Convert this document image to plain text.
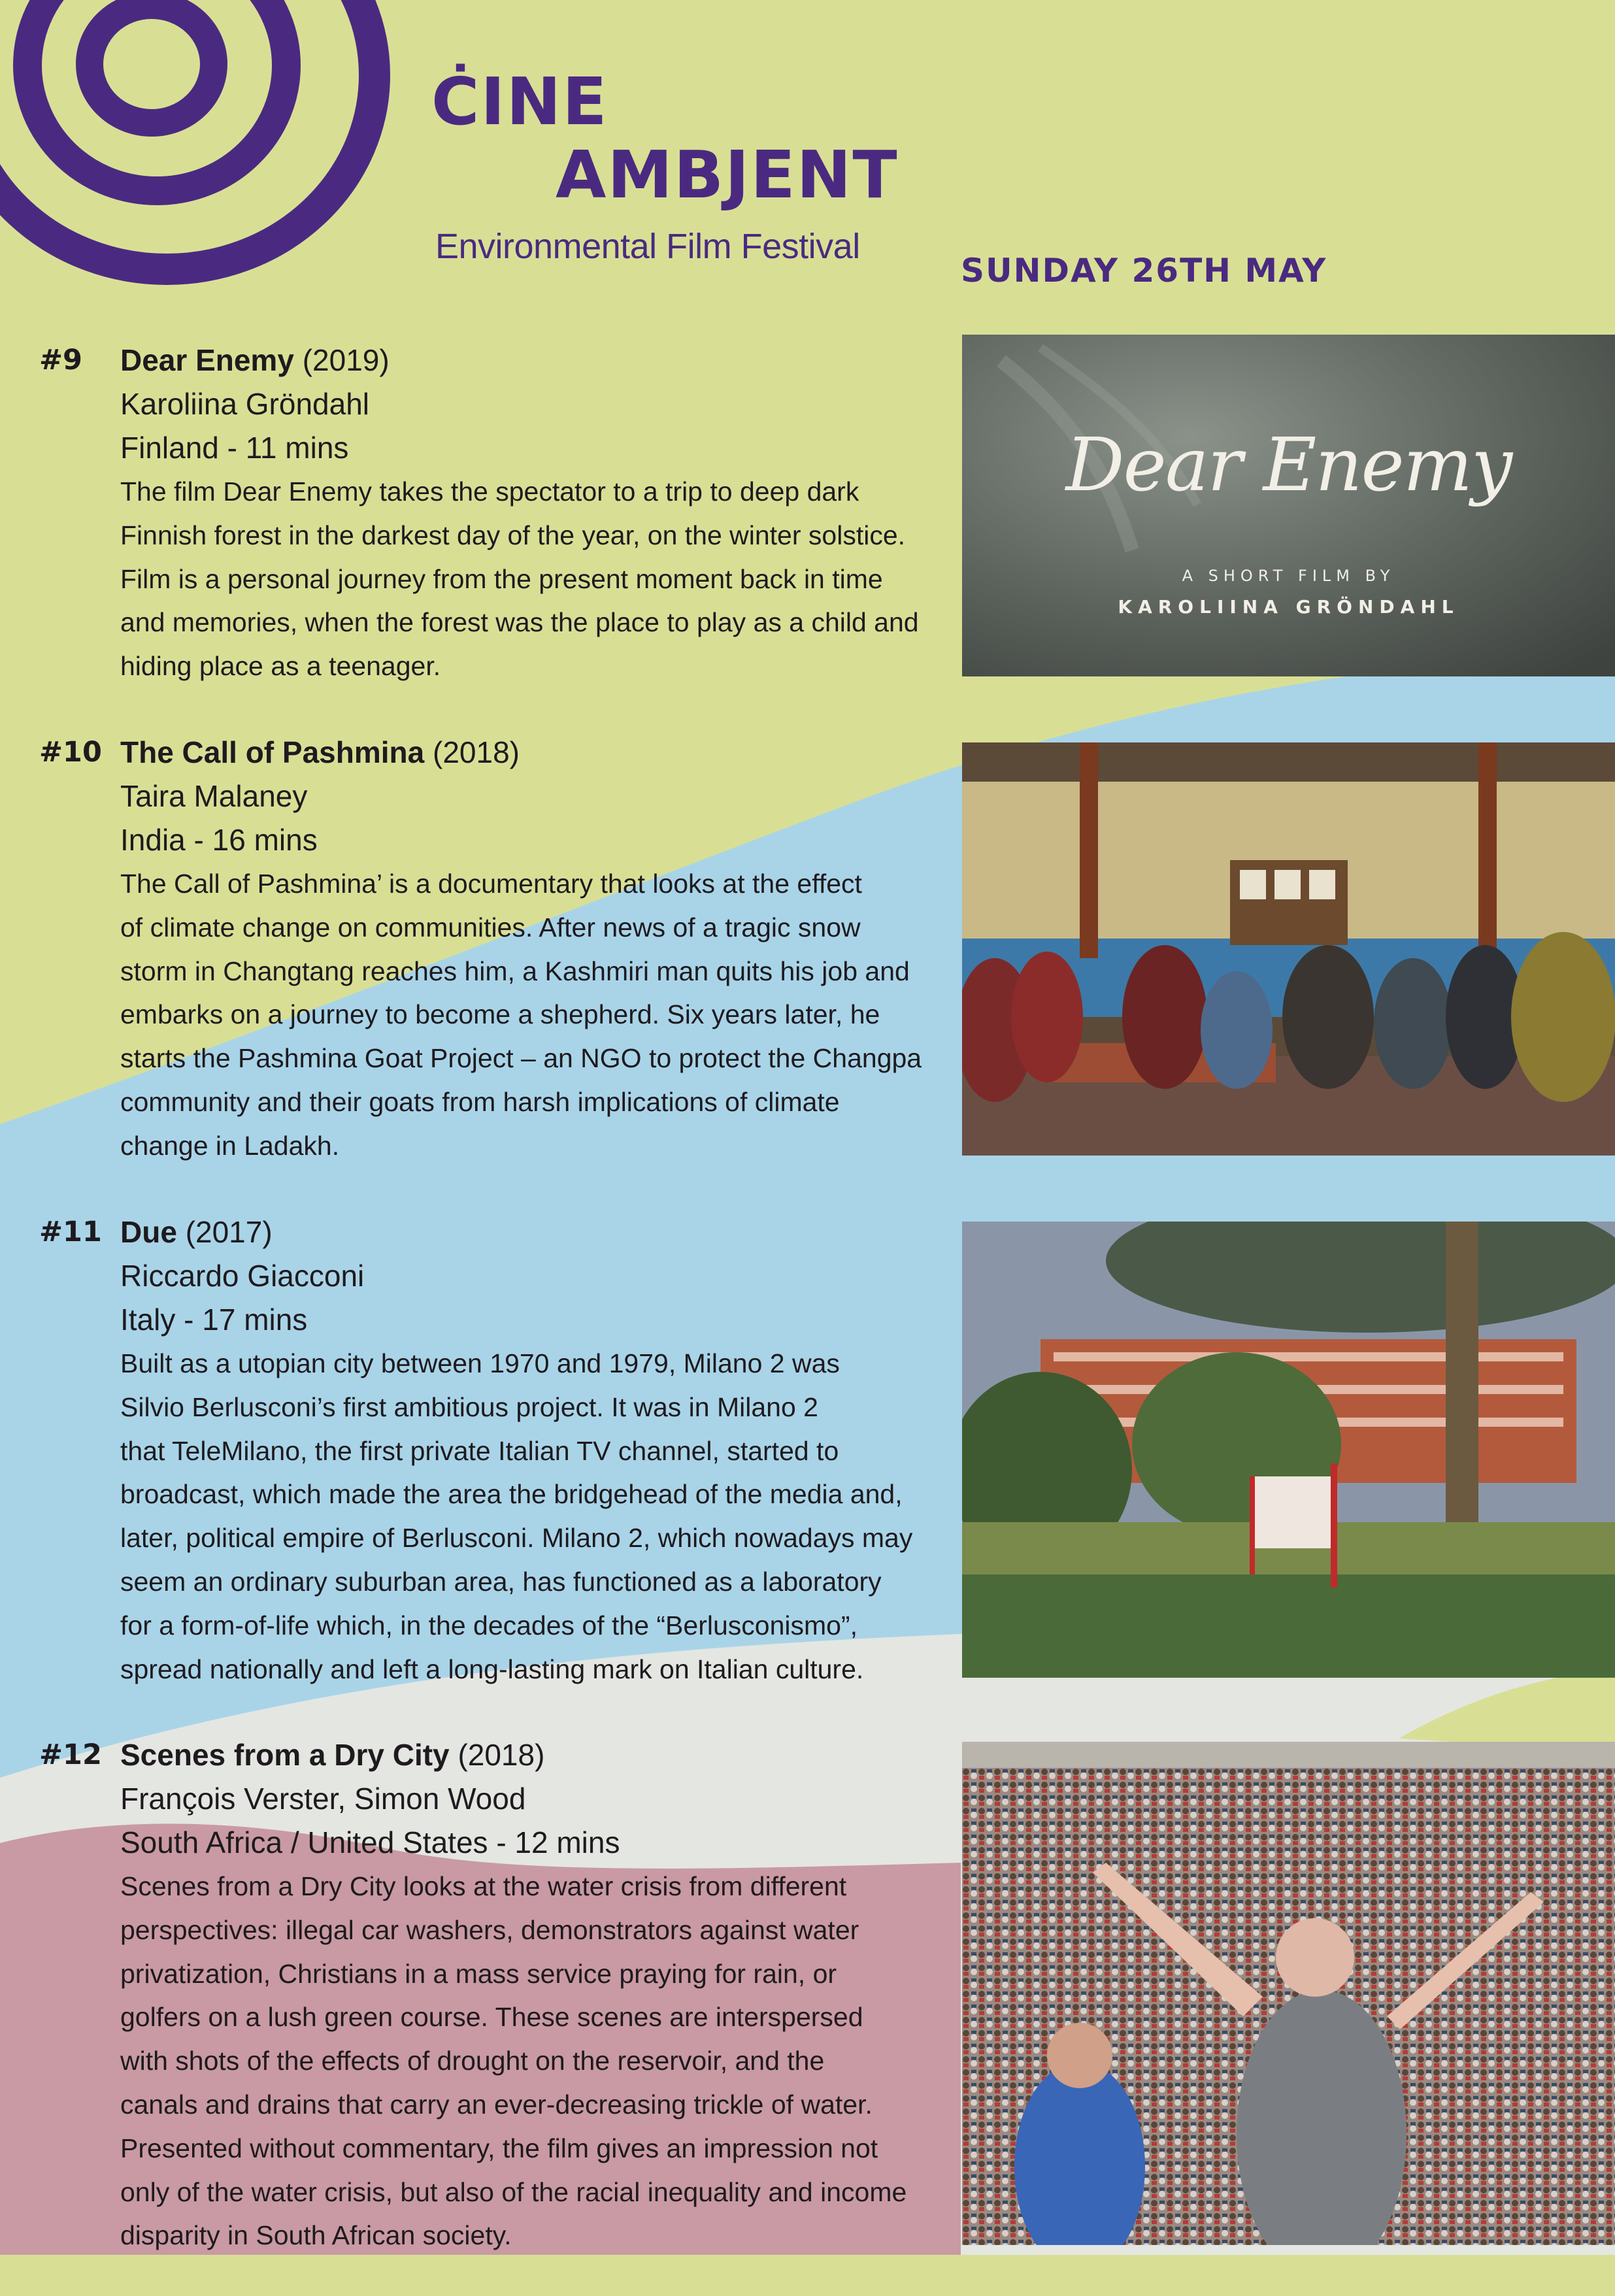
ĊINE
AMBJENT
Environmental Film Festival
SUNDAY 26TH MAY
#9 Dear Enemy (2019)
Karoliina Gröndahl
Finland - 11 mins

The film Dear Enemy takes the spectator to a trip to deep dark
Finnish forest in the darkest day of the year, on the winter solstice.
Film is a personal journey from the present moment back in time
and memories, when the forest was the place to play as a child and
hiding place as a teenager.

#10 The Call of Pashmina (2018)
Taira Malaney
India - 16 mins

The Call of Pashmina’ is a documentary that looks at the effect
of climate change on communities. After news of a tragic snow
storm in Changtang reaches him, a Kashmiri man quits his job and
embarks on a journey to become a shepherd. Six years later, he
starts the Pashmina Goat Project – an NGO to protect the Changpa
community and their goats from harsh implications of climate
change in Ladakh.

#11 Due (2017)
Riccardo Giacconi
Italy - 17 mins

Built as a utopian city between 1970 and 1979, Milano 2 was
Silvio Berlusconi’s first ambitious project. It was in Milano 2
that TeleMilano, the first private Italian TV channel, started to
broadcast, which made the area the bridgehead of the media and,
later, political empire of Berlusconi. Milano 2, which nowadays may
seem an ordinary suburban area, has functioned as a laboratory
for a form-of-life which, in the decades of the “Berlusconismo”,
spread nationally and left a long-lasting mark on Italian culture.

#12 Scenes from a Dry City (2018)
François Verster, Simon Wood
South Africa / United States - 12 mins

Scenes from a Dry City looks at the water crisis from different
perspectives: illegal car washers, demonstrators against water
privatization, Christians in a mass service praying for rain, or
golfers on a lush green course. These scenes are interspersed
with shots of the effects of drought on the reservoir, and the
canals and drains that carry an ever-decreasing trickle of water.
Presented without commentary, the film gives an impression not
only of the water crisis, but also of the racial inequality and income
disparity in South African society.

Dear Enemy
A SHORT FILM BY
KAROLIINA GRÖNDAHL
